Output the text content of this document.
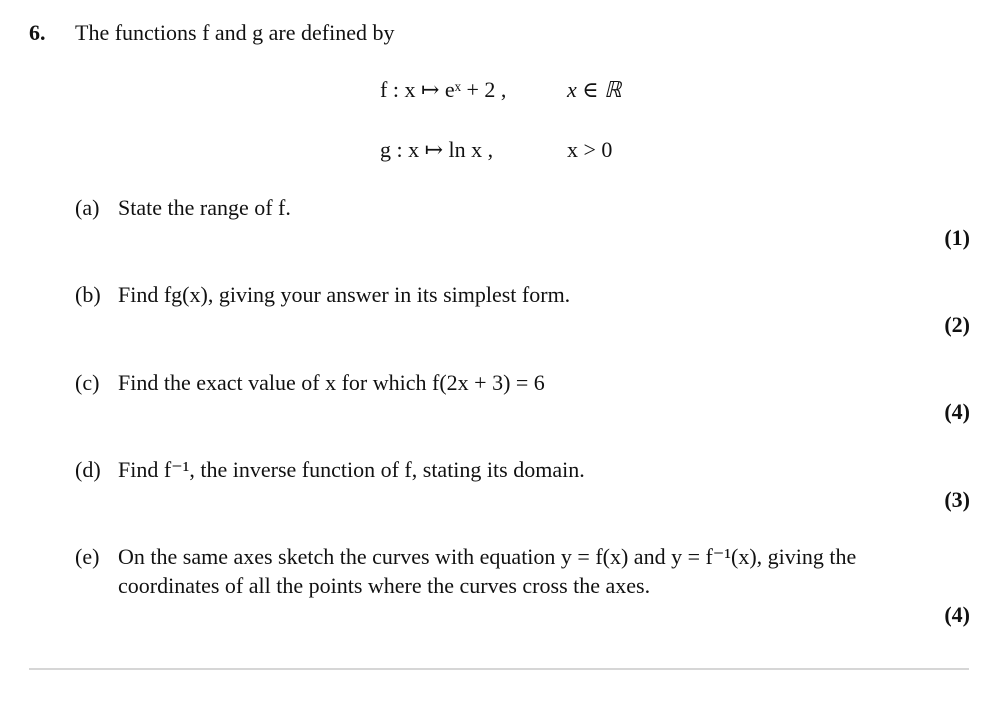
6. The functions f and g are defined by
f : x ↦ eˣ + 2 ,	x ∈ ℝ
g : x ↦ ln x ,	x > 0
(a) State the range of f.
(1)
(b) Find fg(x), giving your answer in its simplest form.
(2)
(c) Find the exact value of x for which f(2x + 3) = 6
(4)
(d) Find f⁻¹, the inverse function of f, stating its domain.
(3)
(e) On the same axes sketch the curves with equation y = f(x) and y = f⁻¹(x), giving the
coordinates of all the points where the curves cross the axes.
(4)
